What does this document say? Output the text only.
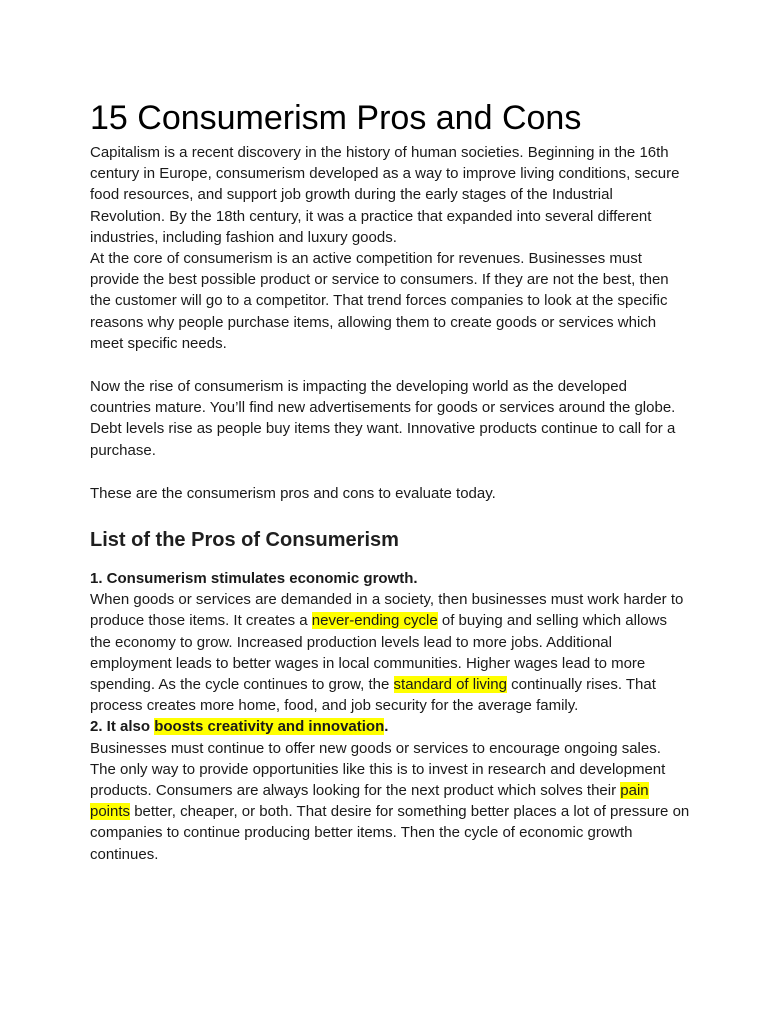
15 Consumerism Pros and Cons

Capitalism is a recent discovery in the history of human societies. Beginning in the 16th century in Europe, consumerism developed as a way to improve living conditions, secure food resources, and support job growth during the early stages of the Industrial Revolution. By the 18th century, it was a practice that expanded into several different industries, including fashion and luxury goods.

At the core of consumerism is an active competition for revenues. Businesses must provide the best possible product or service to consumers. If they are not the best, then the customer will go to a competitor. That trend forces companies to look at the specific reasons why people purchase items, allowing them to create goods or services which meet specific needs.

Now the rise of consumerism is impacting the developing world as the developed countries mature. You’ll find new advertisements for goods or services around the globe. Debt levels rise as people buy items they want. Innovative products continue to call for a purchase.

These are the consumerism pros and cons to evaluate today.

List of the Pros of Consumerism
1. Consumerism stimulates economic growth.

When goods or services are demanded in a society, then businesses must work harder to produce those items. It creates a never-ending cycle of buying and selling which allows the economy to grow. Increased production levels lead to more jobs. Additional employment leads to better wages in local communities. Higher wages lead to more spending. As the cycle continues to grow, the standard of living continually rises. That process creates more home, food, and job security for the average family.

2. It also boosts creativity and innovation.

Businesses must continue to offer new goods or services to encourage ongoing sales. The only way to provide opportunities like this is to invest in research and development products. Consumers are always looking for the next product which solves their pain points better, cheaper, or both. That desire for something better places a lot of pressure on companies to continue producing better items. Then the cycle of economic growth continues.
